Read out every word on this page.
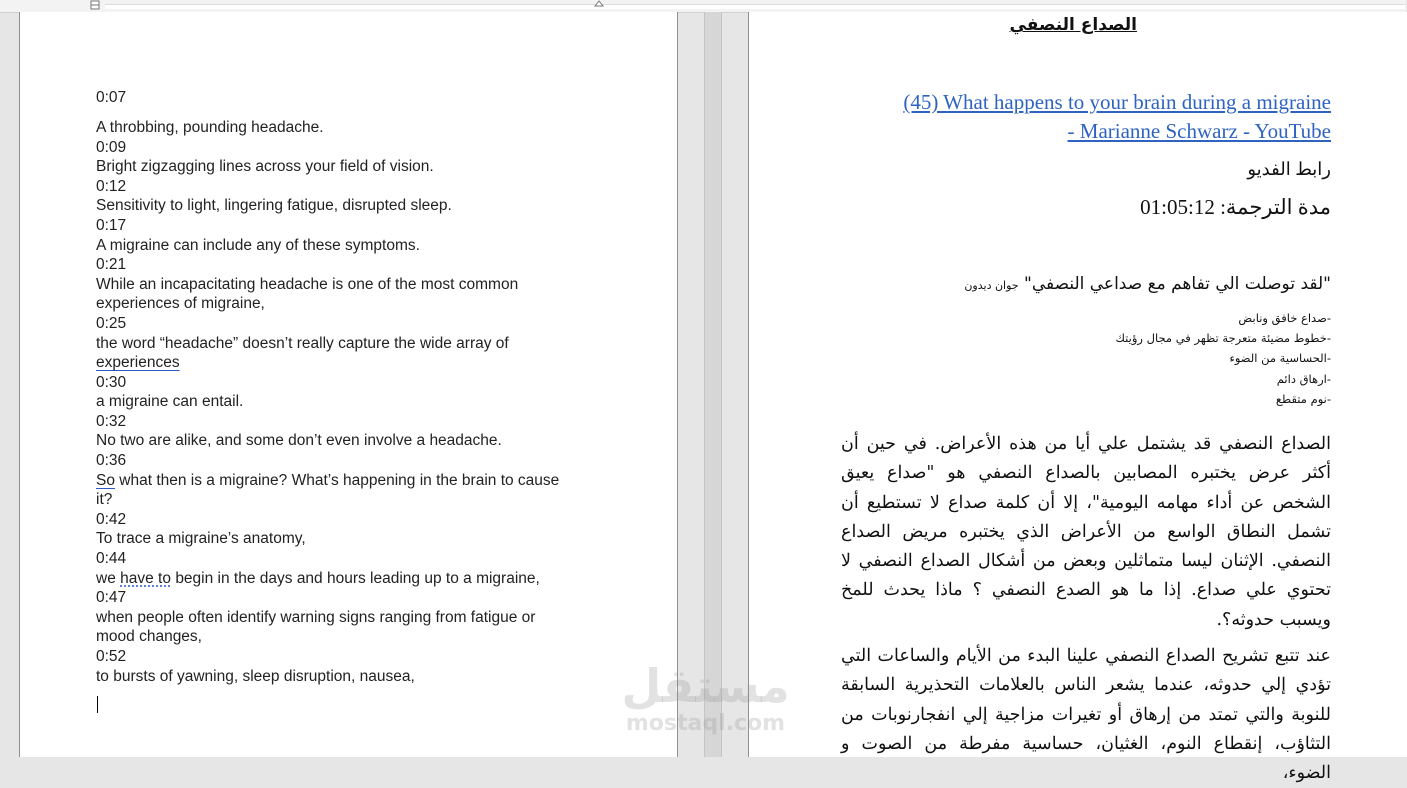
0:07
A throbbing, pounding headache.
0:09
Bright zigzagging lines across your field of vision.
0:12
Sensitivity to light, lingering fatigue, disrupted sleep.
0:17
A migraine can include any of these symptoms.
0:21
While an incapacitating headache is one of the most common
experiences of migraine,
0:25
the word “headache” doesn’t really capture the wide array of
experiences
0:30
a migraine can entail.
0:32
No two are alike, and some don’t even involve a headache.
0:36
So what then is a migraine? What’s happening in the brain to cause
it?
0:42
To trace a migraine’s anatomy,
0:44
we have to begin in the days and hours leading up to a migraine,
0:47
when people often identify warning signs ranging from fatigue or
mood changes,
0:52
to bursts of yawning, sleep disruption, nausea,
الصداع النصفي
(45) What happens to your brain during a migraine
- Marianne Schwarz - YouTube
رابط الفديو
مدة الترجمة: 01:05:12
"لقد توصلت الي تفاهم مع صداعي النصفي" جوان ديدون
-صداع خافق ونابض
-خطوط مضيئة متعرجة تظهر في مجال رؤيتك
-الحساسية من الضوء
-ارهاق دائم
-نوم متقطع
الصداع النصفي قد يشتمل علي أيا من هذه الأعراض. في حين أن أكثر عرض يختبره المصابين بالصداع النصفي هو "صداع يعيق الشخص عن أداء مهامه اليومية"، إلا أن كلمة صداع لا تستطيع أن تشمل النطاق الواسع من الأعراض الذي يختبره مريض الصداع النصفي. الإثنان ليسا متماثلين وبعض من أشكال الصداع النصفي لا تحتوي علي صداع. إذا ما هو الصدع النصفي ؟ ماذا يحدث للمخ ويسبب حدوثه؟.
عند تتبع تشريح الصداع النصفي علينا البدء من الأيام والساعات التي تؤدي إلي حدوثه، عندما يشعر الناس بالعلامات التحذيرية السابقة للنوبة والتي تمتد من إرهاق أو تغيرات مزاجية إلي انفجارنوبات من التثاؤب، إنقطاع النوم، الغثيان، حساسية مفرطة من الصوت و الضوء،
مستقل
mostaql.com
